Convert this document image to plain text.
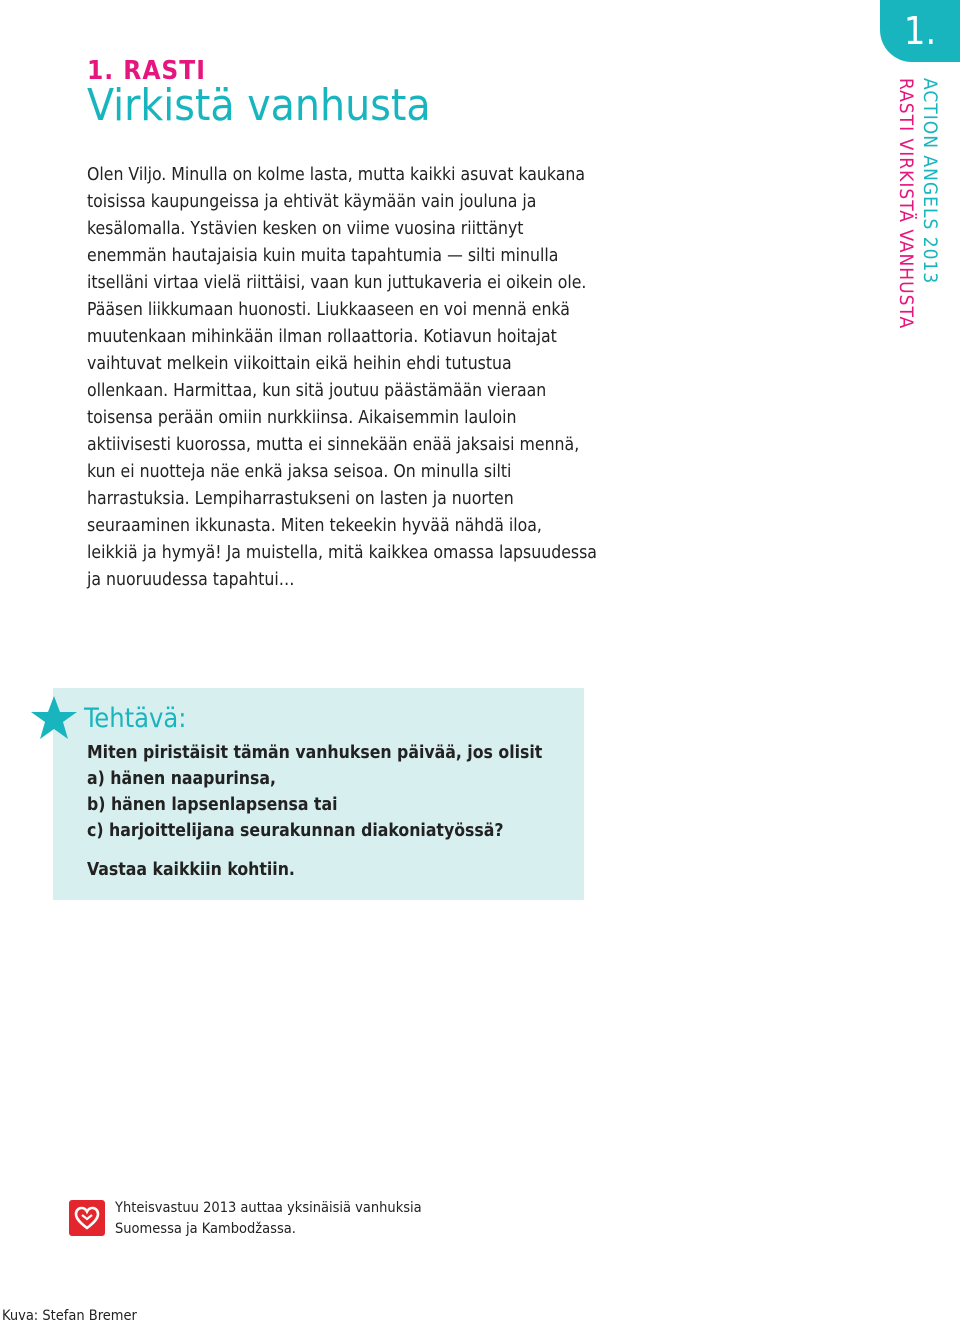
1. RASTI
Virkistä vanhusta
1.
ACTION ANGELS 2013
RASTI VIRKISTÄ VANHUSTA

Olen Viljo. Minulla on kolme lasta, mutta kaikki asuvat kaukana toisissa kaupungeissa ja ehtivät käymään vain jouluna ja kesälomalla. Ystävien kesken on viime vuosina riittänyt enemmän hautajaisia kuin muita tapahtumia — silti minulla itselläni virtaa vielä riittäisi, vaan kun juttukaveria ei oikein ole. Pääsen liikkumaan huonosti. Liukkaaseen en voi mennä enkä muutenkaan mihinkään ilman rollaattoria. Kotiavun hoitajat vaihtuvat melkein viikoittain eikä heihin ehdi tutustua ollenkaan. Harmittaa, kun sitä joutuu päästämään vieraan toisensa perään omiin nurkkiinsa. Aikaisemmin lauloin aktiivisesti kuorossa, mutta ei sinnekään enää jaksaisi mennä, kun ei nuotteja näe enkä jaksa seisoa. On minulla silti harrastuksia. Lempiharrastukseni on lasten ja nuorten seuraaminen ikkunasta. Miten tekeekin hyvää nähdä iloa, leikkiä ja hymyä! Ja muistella, mitä kaikkea omassa lapsuudessa ja nuoruudessa tapahtui…

Tehtävä:
Miten piristäisit tämän vanhuksen päivää, jos olisit
a) hänen naapurinsa,
b) hänen lapsenlapsensa tai
c) harjoittelijana seurakunnan diakoniatyössä?

Vastaa kaikkiin kohtiin.

Yhteisvastuu 2013 auttaa yksinäisiä vanhuksia
Suomessa ja Kambodžassa.

Kuva: Stefan Bremer
